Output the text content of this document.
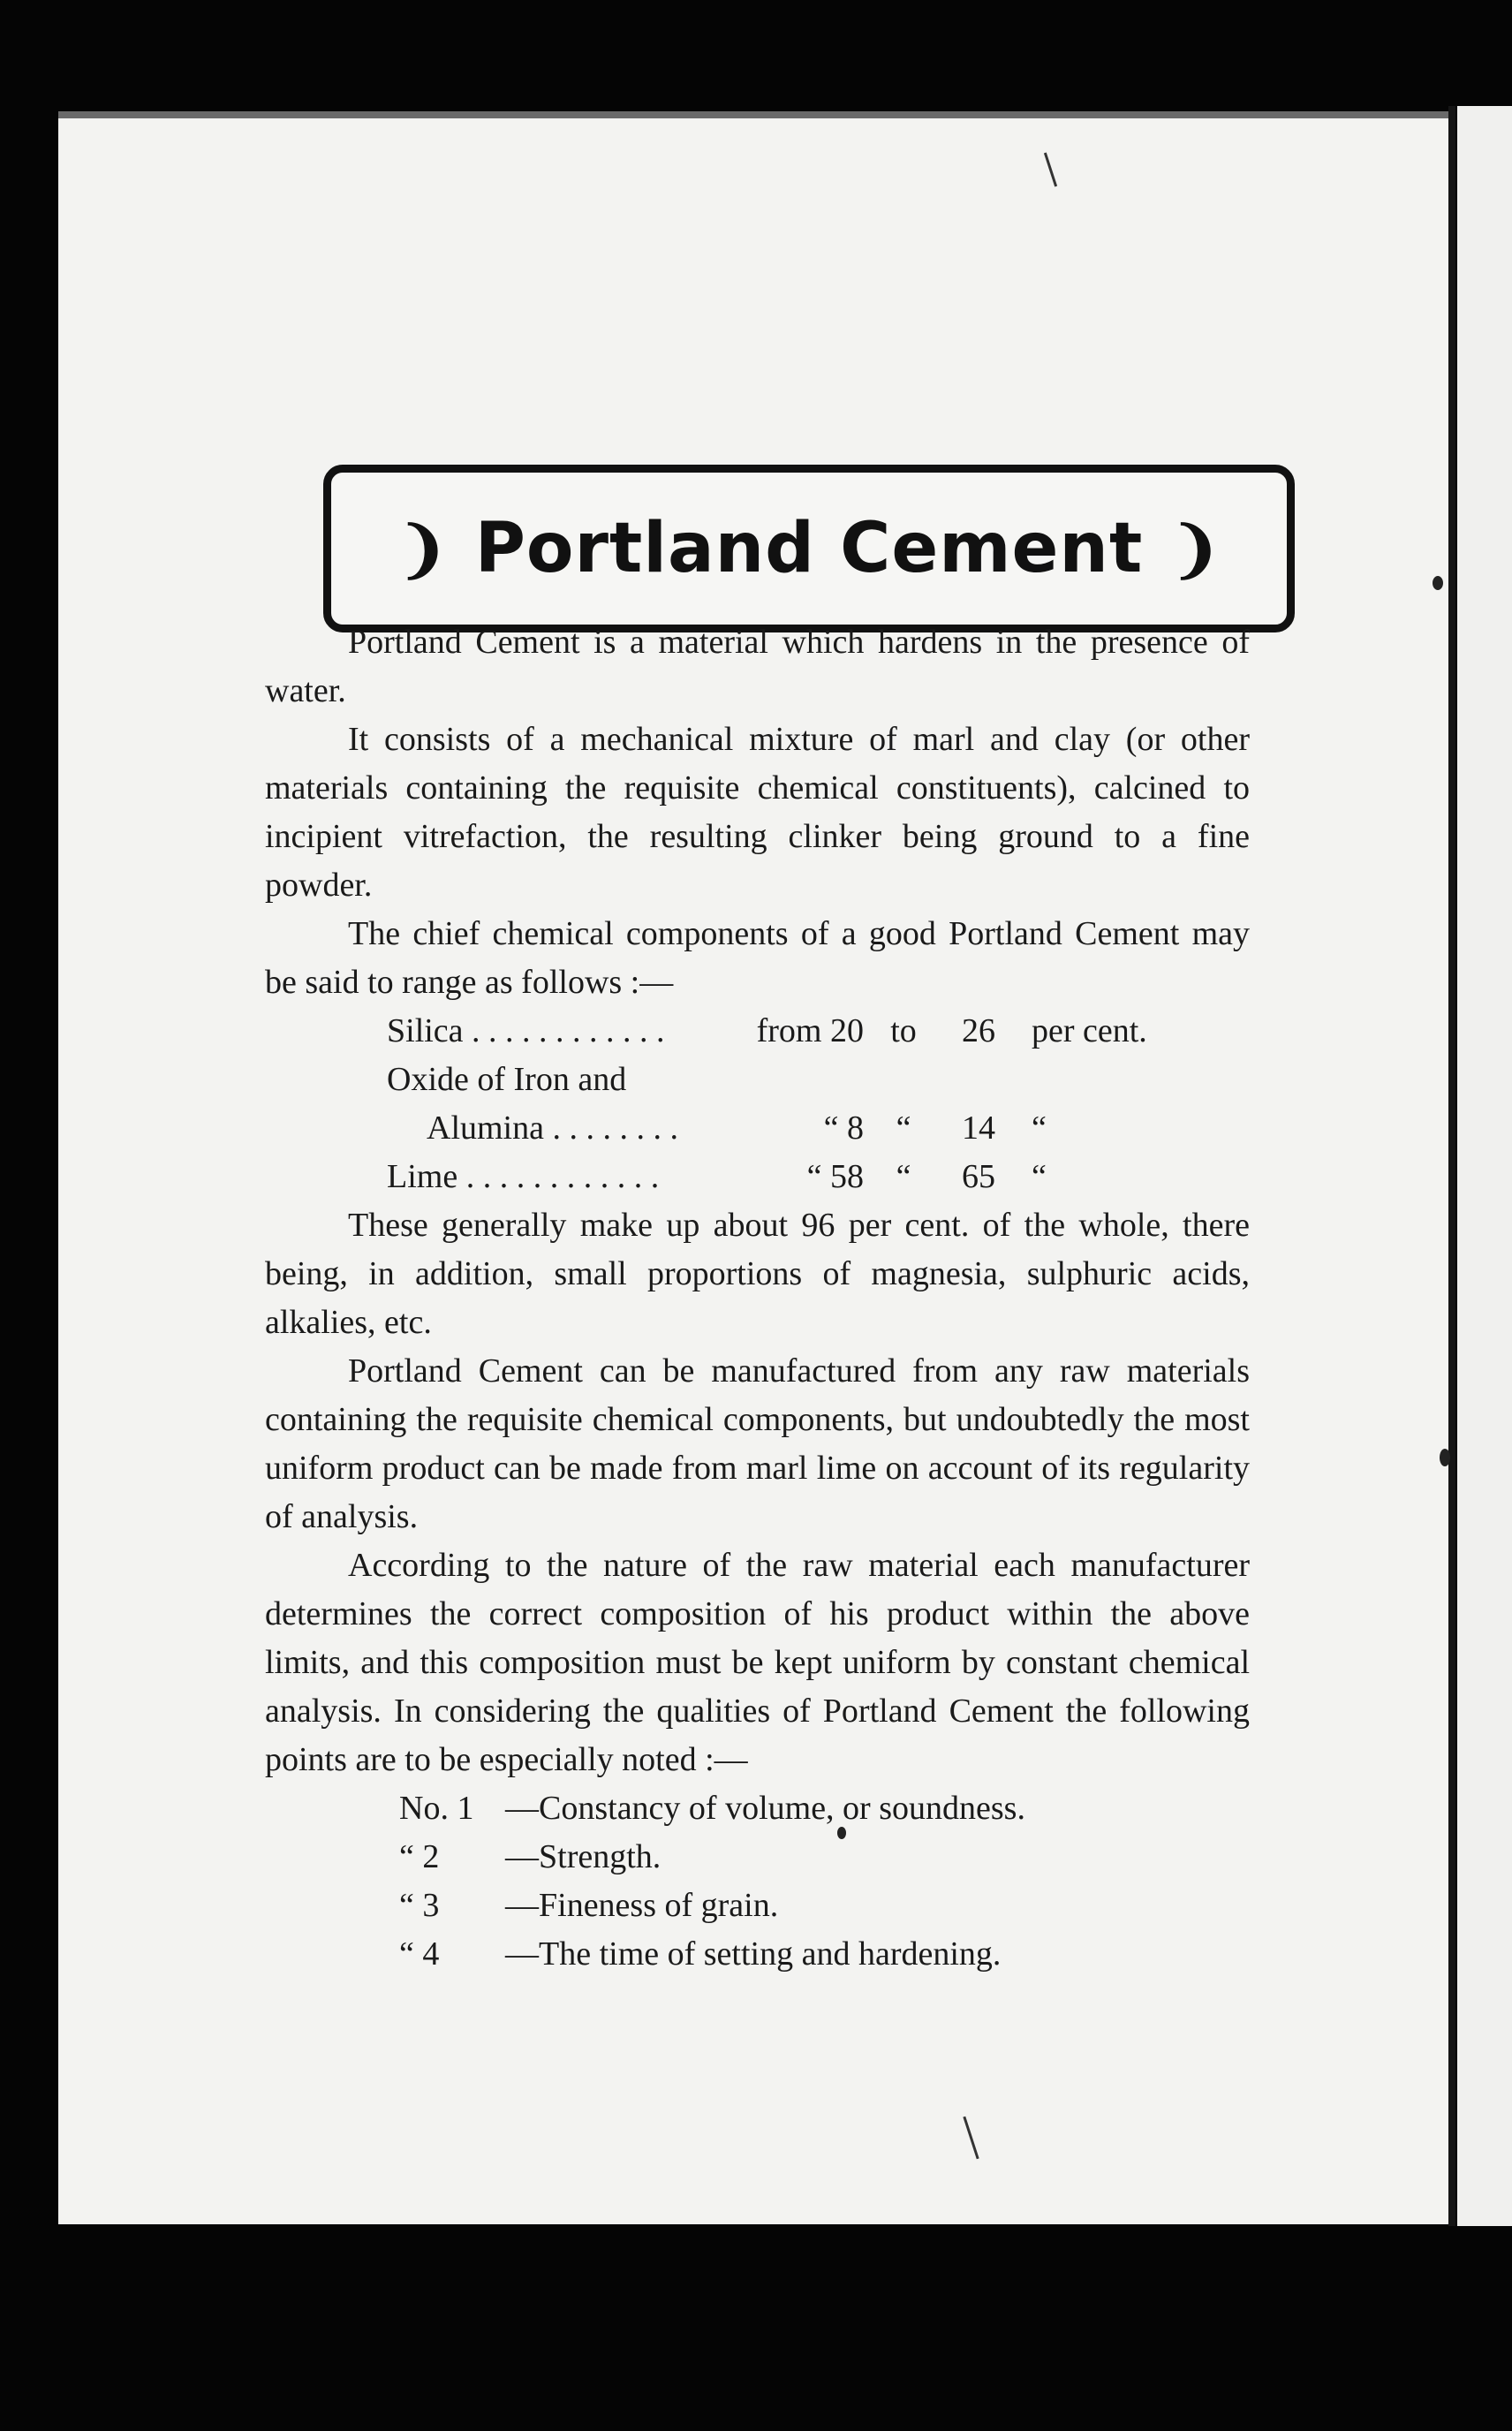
❩ Portland Cement ❩

Portland Cement is a material which hardens in the presence of water.

It consists of a mechanical mixture of marl and clay (or other materials containing the requisite chemical constituents), calcined to incipient vitrefaction, the resulting clinker being ground to a fine powder.

The chief chemical components of a good Portland Cement may be said to range as follows :—

Silica . . . . . . . . . . . .	from 20 to	26	per cent.
Oxide of Iron and
Alumina . . . . . . . .	“ 8 “	14	“
Lime . . . . . . . . . . . .	“ 58 “	65	“

These generally make up about 96 per cent. of the whole, there being, in addition, small proportions of magnesia, sulphuric acids, alkalies, etc.

Portland Cement can be manufactured from any raw materials containing the requisite chemical components, but undoubtedly the most uniform product can be made from marl lime on account of its regularity of analysis.

According to the nature of the raw material each manufacturer determines the correct composition of his product within the above limits, and this composition must be kept uniform by constant chemical analysis. In considering the qualities of Portland Cement the following points are to be especially noted :—

No. 1 —Constancy of volume, or soundness.
“ 2	—Strength.
“ 3	—Fineness of grain.
“ 4	—The time of setting and hardening.
